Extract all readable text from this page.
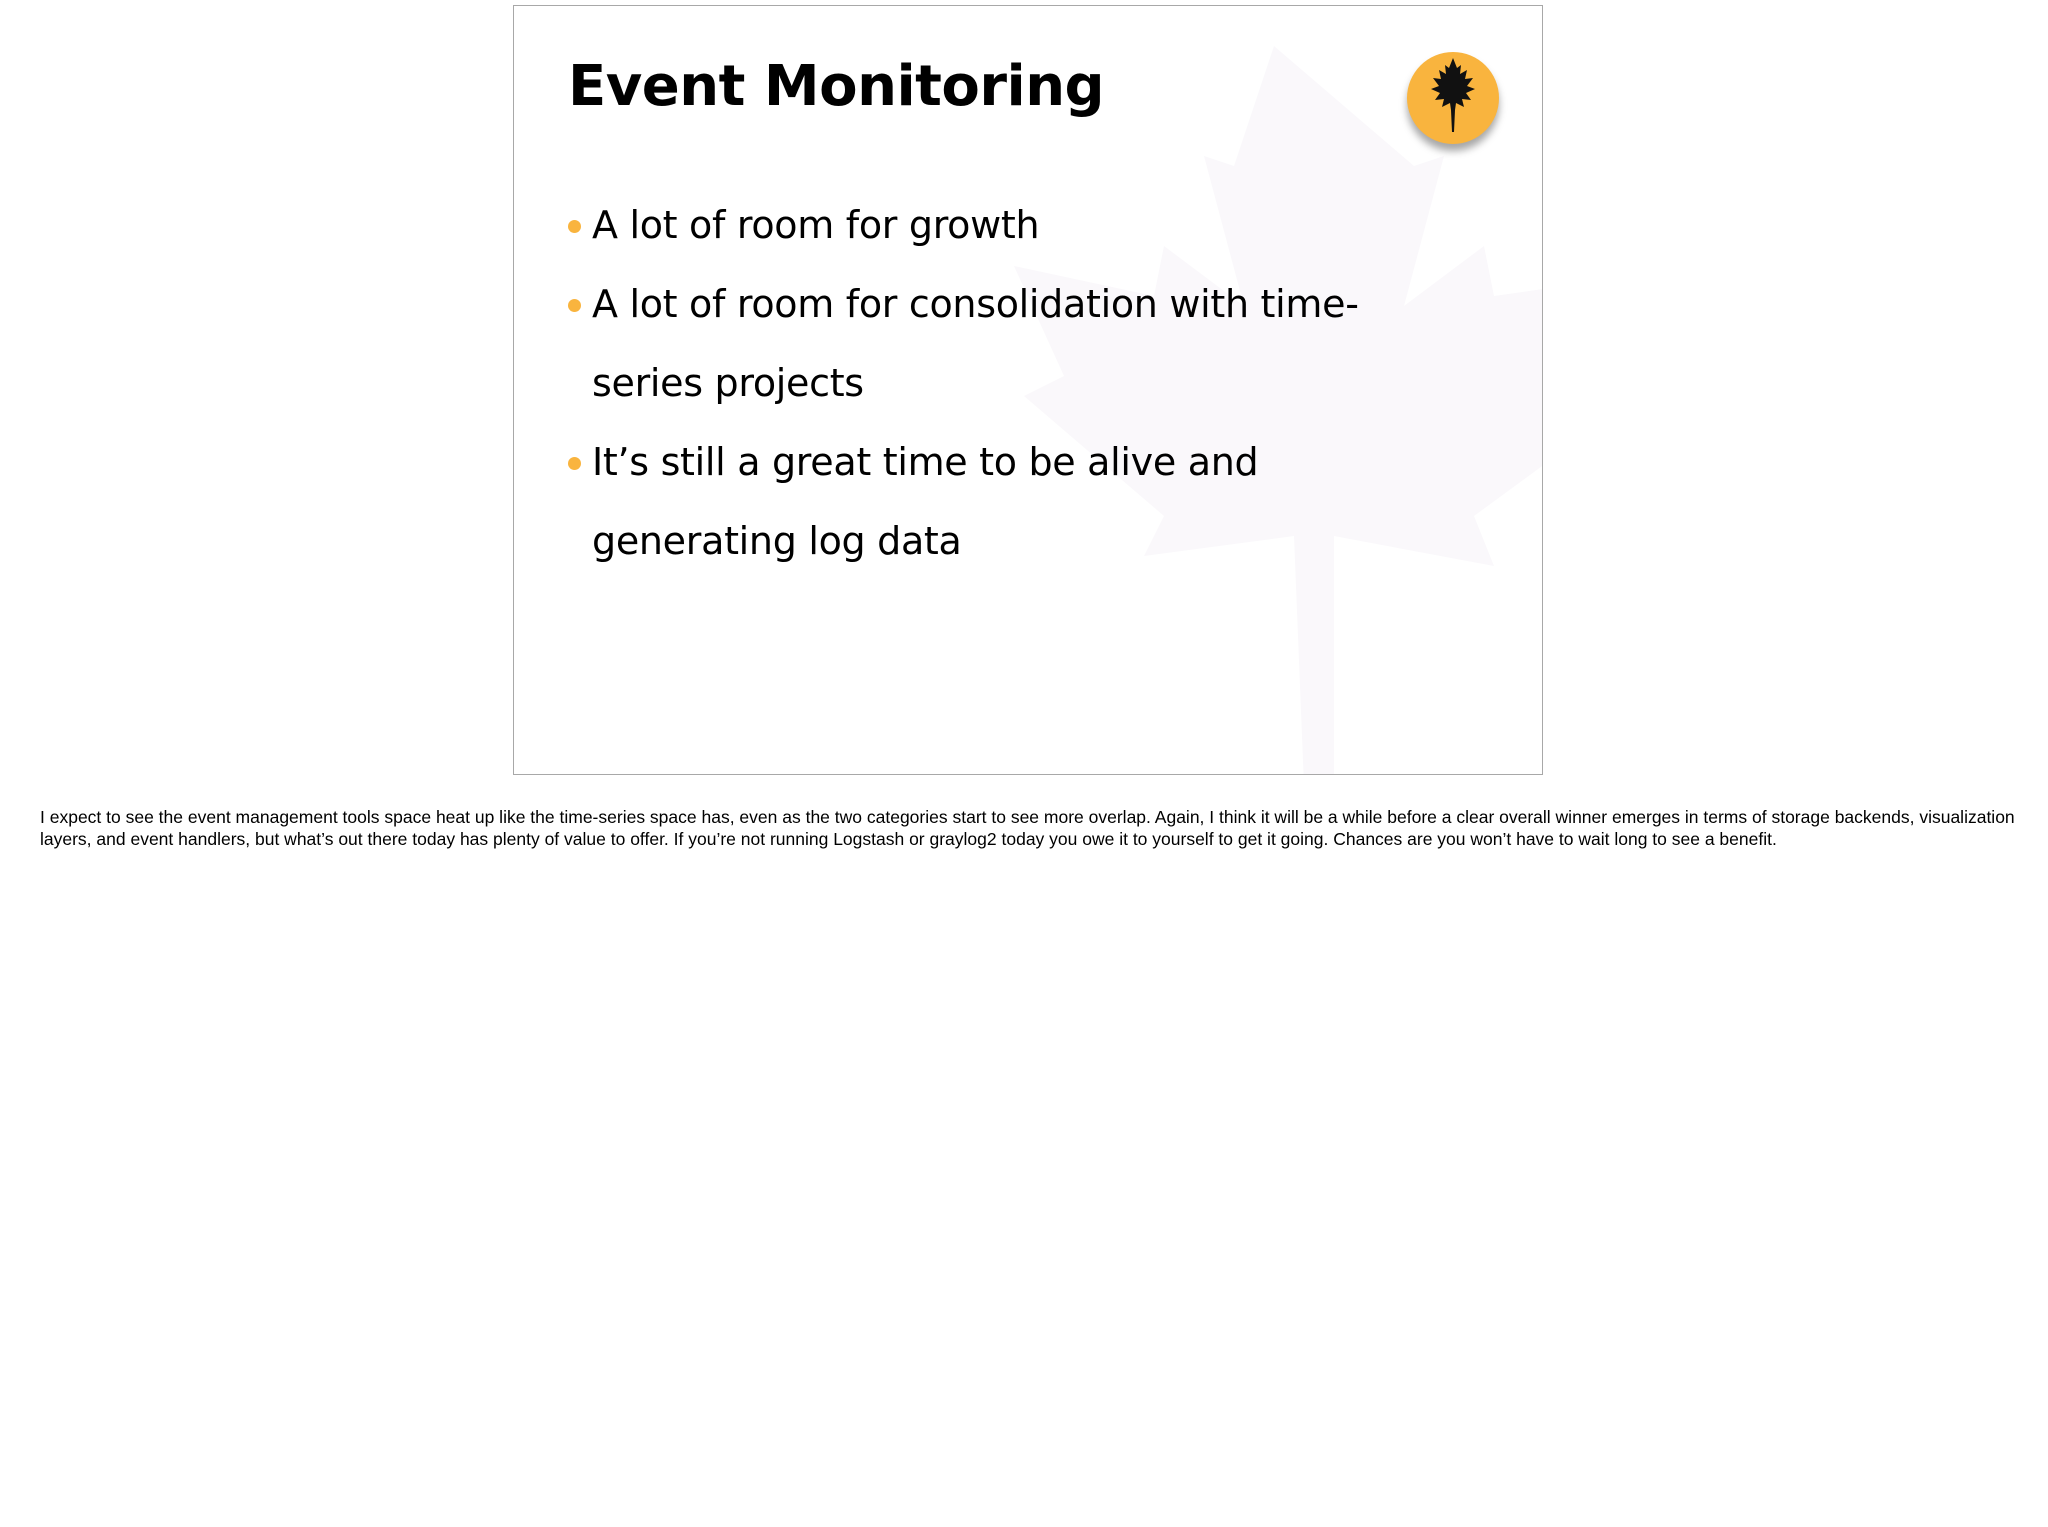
Event Monitoring
A lot of room for growth
A lot of room for consolidation with time-series projects
It’s still a great time to be alive and generating log data
I expect to see the event management tools space heat up like the time-series space has, even as the two categories start to see more overlap. Again, I think it will be a while before a clear overall winner emerges in terms of storage backends, visualization layers, and event handlers, but what’s out there today has plenty of value to offer. If you’re not running Logstash or graylog2 today you owe it to yourself to get it going. Chances are you won’t have to wait long to see a benefit.
